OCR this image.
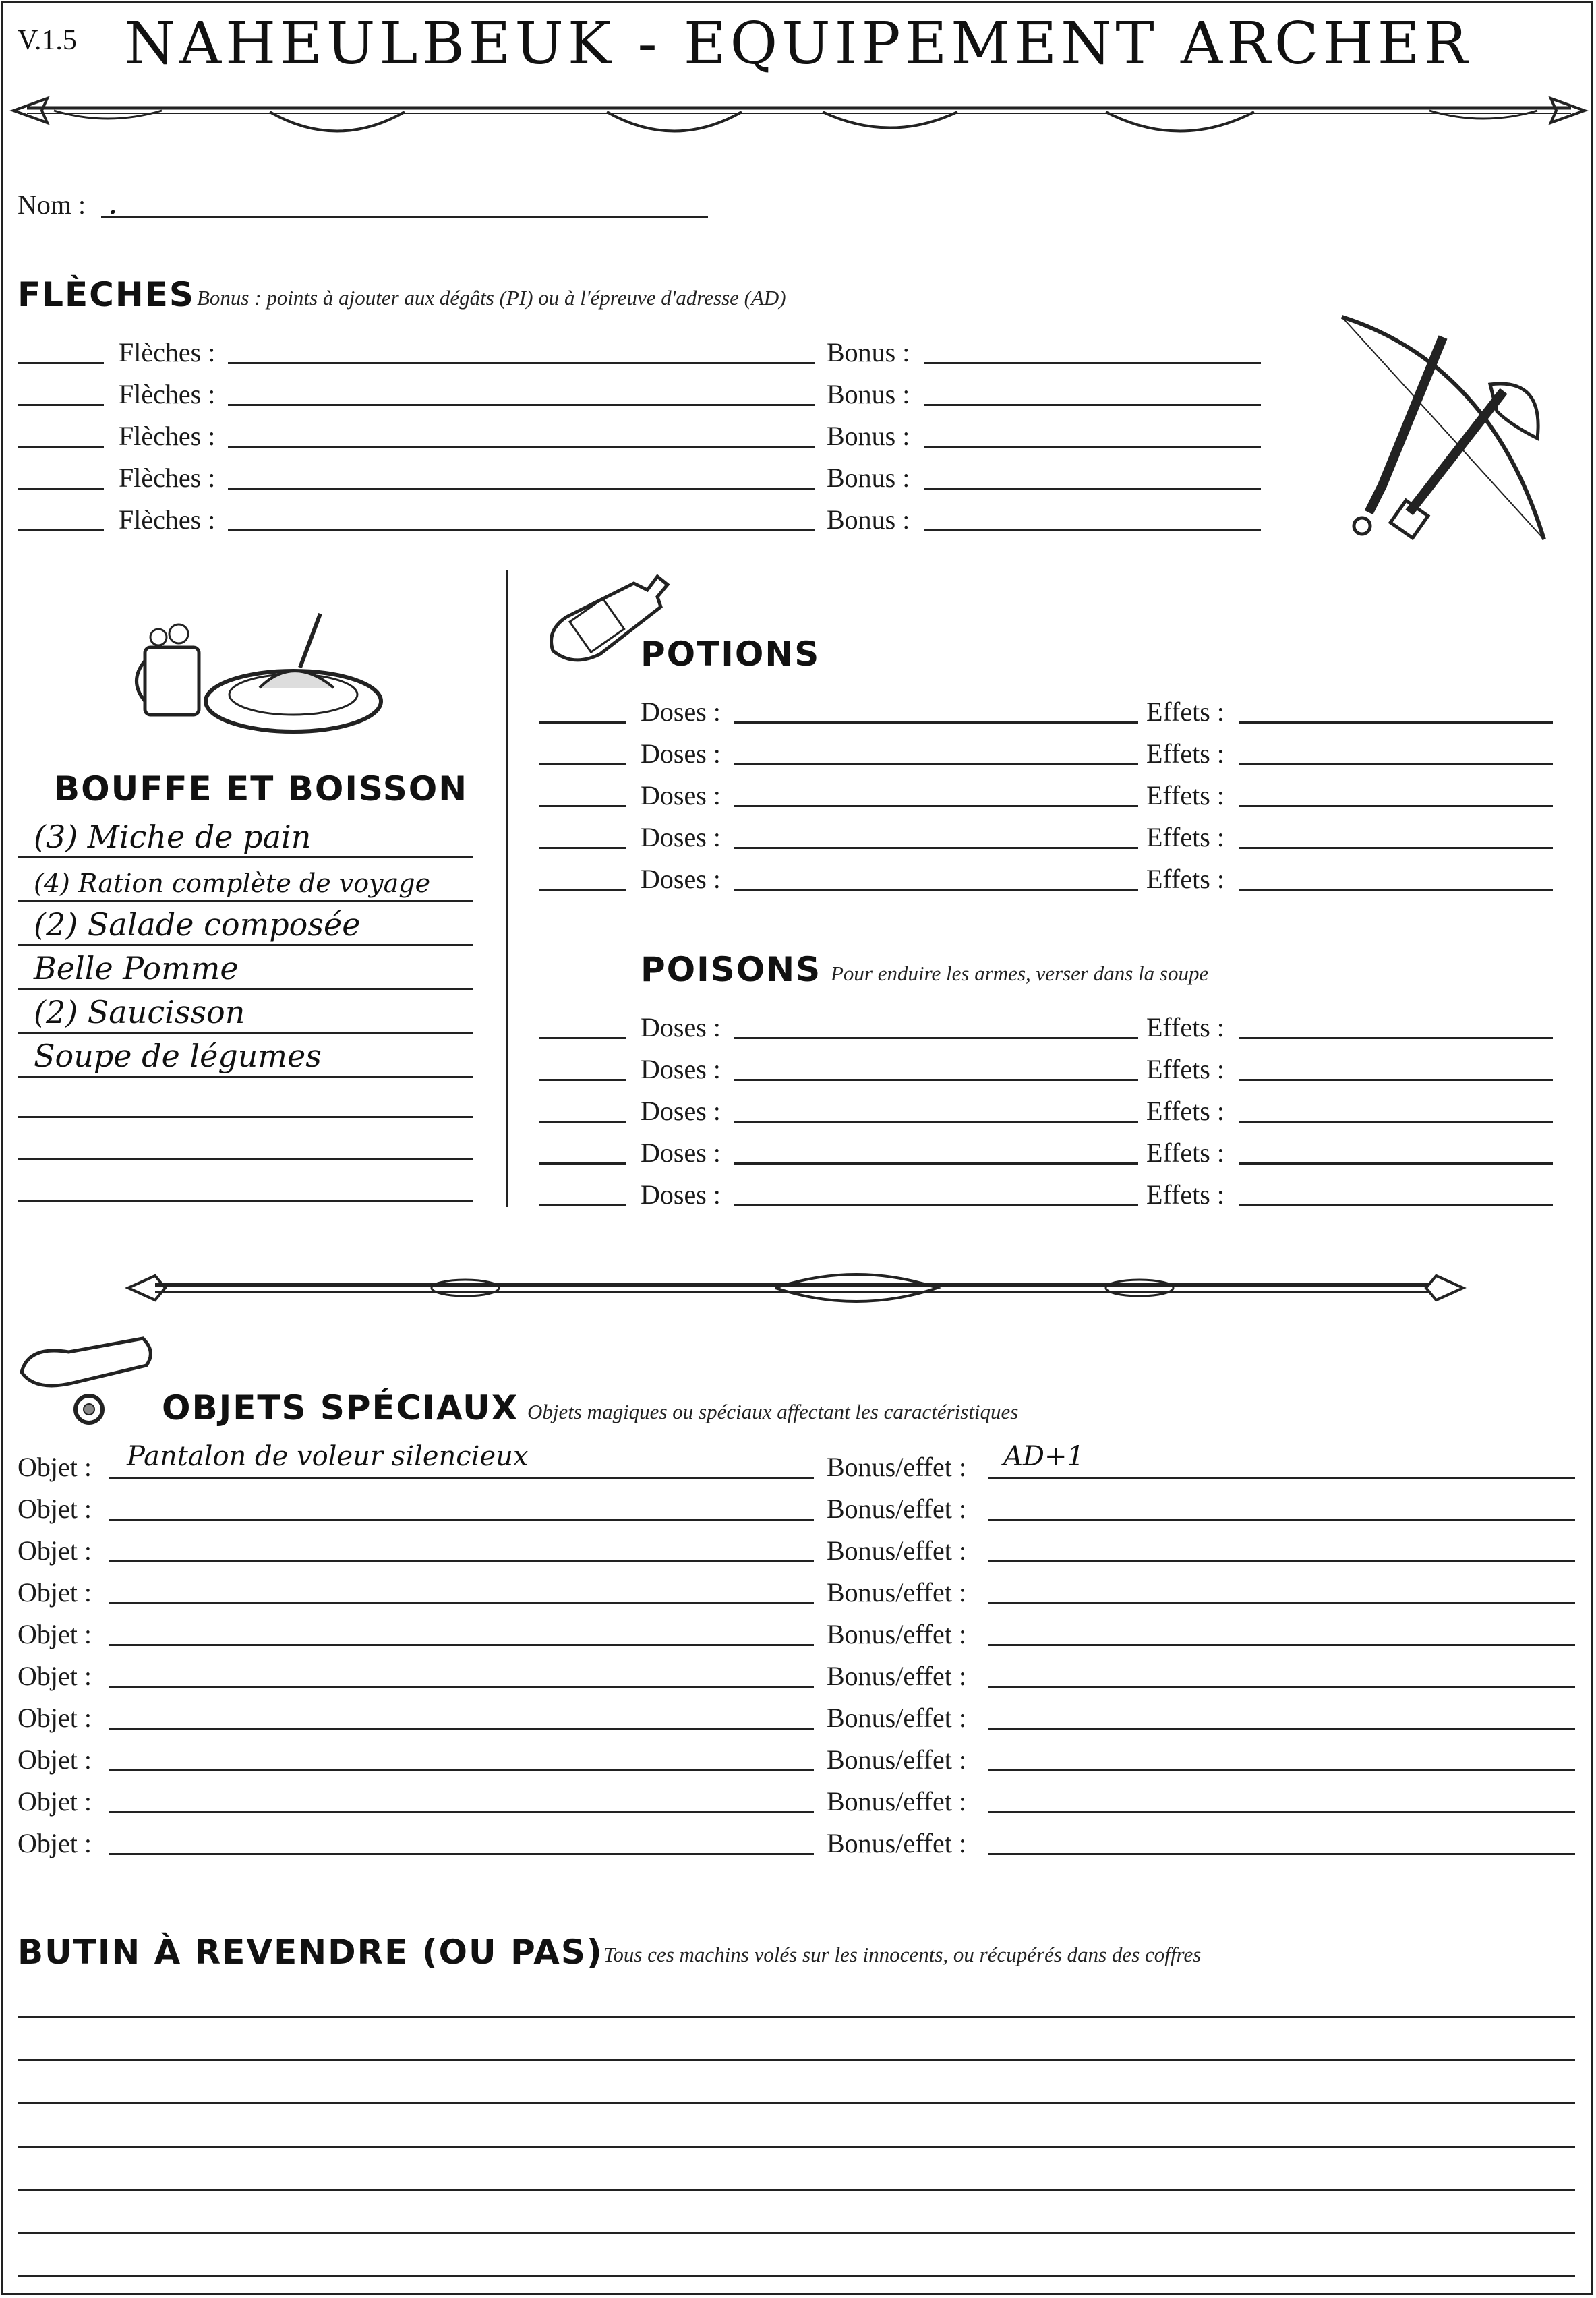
V.1.5 NAHEULBEUK - EQUIPEMENT ARCHER
Nom : .
FLÈCHES Bonus : points à ajouter aux dégâts (PI) ou à l'épreuve d'adresse (AD)
Flèches :	Bonus :
Flèches :	Bonus :
Flèches :	Bonus :
Flèches :	Bonus :
Flèches :	Bonus :
BOUFFE ET BOISSON
(3) Miche de pain
(4) Ration complète de voyage
(2) Salade composée
Belle Pomme
(2) Saucisson
Soupe de légumes
POTIONS
Doses :	Effets :
Doses :	Effets :
Doses :	Effets :
Doses :	Effets :
Doses :	Effets :
POISONS Pour enduire les armes, verser dans la soupe
Doses :	Effets :
Doses :	Effets :
Doses :	Effets :
Doses :	Effets :
Doses :	Effets :
OBJETS SPÉCIAUX Objets magiques ou spéciaux affectant les caractéristiques
Objet : Pantalon de voleur silencieux	Bonus/effet : AD+1
Objet :	Bonus/effet :
Objet :	Bonus/effet :
Objet :	Bonus/effet :
Objet :	Bonus/effet :
Objet :	Bonus/effet :
Objet :	Bonus/effet :
Objet :	Bonus/effet :
Objet :	Bonus/effet :
Objet :	Bonus/effet :
BUTIN À REVENDRE (OU PAS) Tous ces machins volés sur les innocents, ou récupérés dans des coffres
